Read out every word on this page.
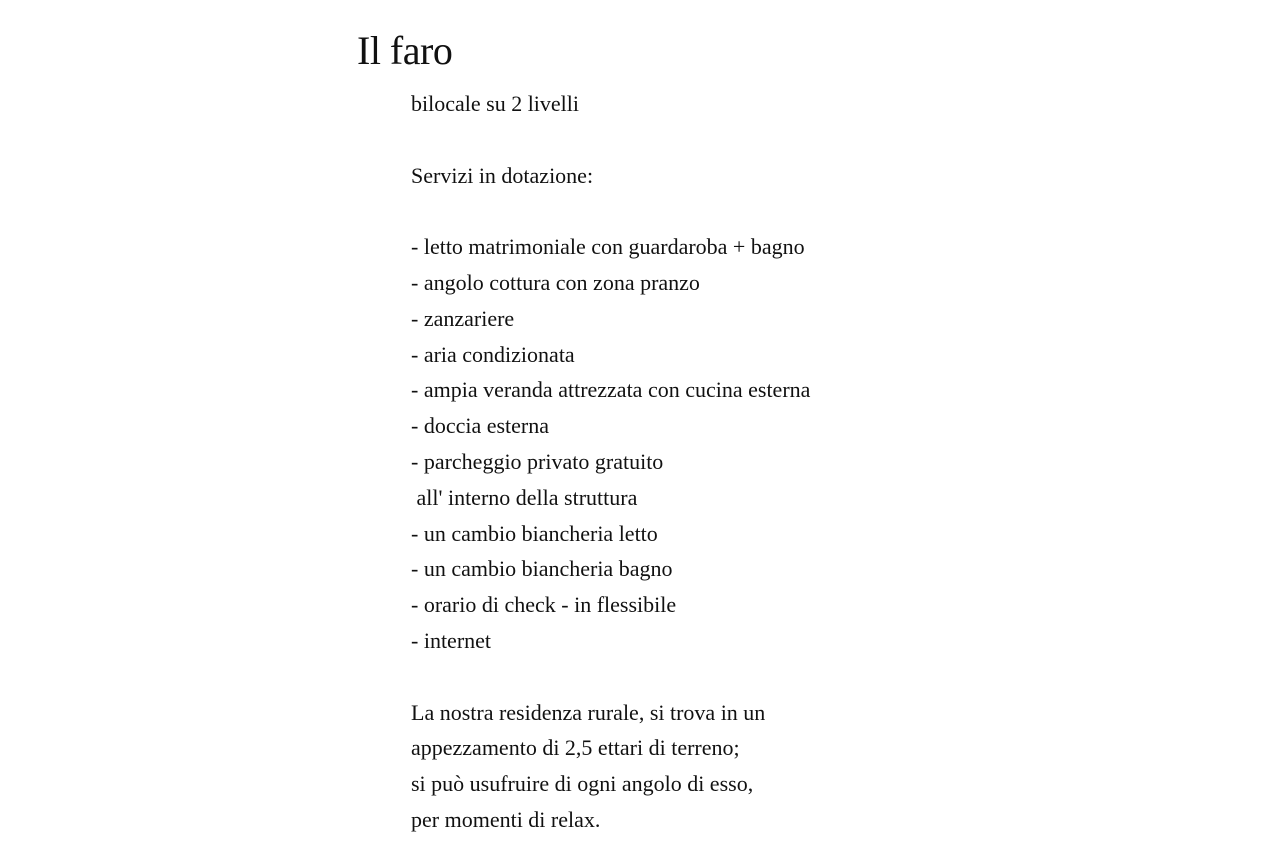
Il faro
bilocale su 2 livelli
Servizi in dotazione:
- letto matrimoniale con guardaroba + bagno
- angolo cottura con zona pranzo
- zanzariere
- aria condizionata
- ampia veranda attrezzata con cucina esterna
- doccia esterna
- parcheggio privato gratuito
all' interno della struttura
- un cambio biancheria letto
- un cambio biancheria bagno
- orario di check - in flessibile
- internet
La nostra residenza rurale, si trova in un
appezzamento di 2,5 ettari di terreno;
si può usufruire di ogni angolo di esso,
per momenti di relax.
